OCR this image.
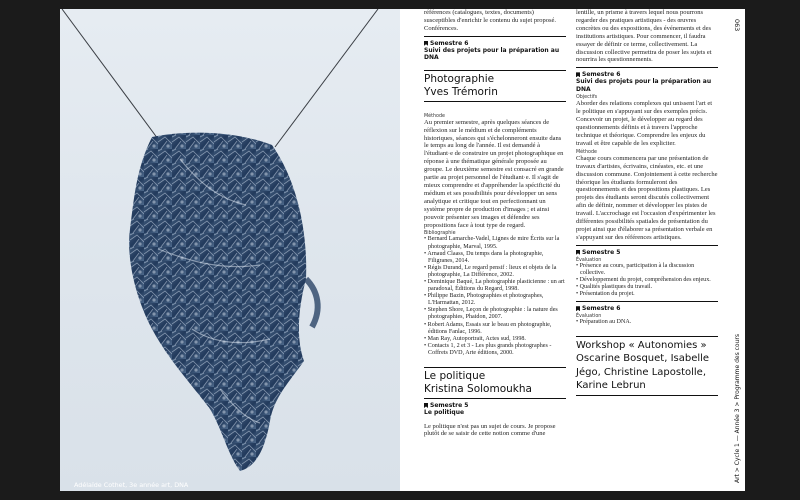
Adélaïde Cothet, 3e année art, DNA

références (catalogues, textes, documents) susceptibles d'enrichir le contenu du sujet proposé. Conférences.

Semestre 6
Suivi des projets pour la préparation au DNA
Photographie
Yves Trémorin
Méthode

Au premier semestre, après quelques séances de réflexion sur le médium et de compléments historiques, séances qui s'échelonneront ensuite dans le temps au long de l'année. Il est demandé à l'étudiant·e de construire un projet photographique en réponse à une thématique générale proposée au groupe. Le deuxième semestre est consacré en grande partie au projet personnel de l'étudiant·e. Il s'agit de mieux comprendre et d'appréhender la spécificité du médium et ses possibilités pour développer un sens analytique et critique tout en perfectionnant un système propre de production d'images ; et ainsi pouvoir présenter ses images et défendre ses propositions face à tout type de regard.

Bibliographie
• Bernard Lamarche-Vadel, Lignes de mire Écrits sur la photographie, Marval, 1995.
• Arnaud Claass, Du temps dans la photographie, Filigranes, 2014.
• Régis Durand, Le regard pensif : lieux et objets de la photographie, La Différence, 2002.
• Dominique Baqué, La photographie plasticienne : un art paradoxal, Éditions du Regard, 1998.
• Philippe Bazin, Photographies et photographes, L'Harmattan, 2012.
• Stephen Shore, Leçon de photographie : la nature des photographies, Phaidon, 2007.
• Robert Adams, Essais sur le beau en photographie, éditions Fanlac, 1996.
• Man Ray, Autoportrait, Actes sud, 1998.
• Contacts 1, 2 et 3 - Les plus grands photographes - Coffrets DVD, Arte éditions, 2000.
Le politique
Kristina Solomoukha
Semestre 5
Le politique

Le politique n'est pas un sujet de cours. Je propose plutôt de se saisir de cette notion comme d'une

lentille, un prisme à travers lequel nous pourrons regarder des pratiques artistiques - des œuvres concrètes ou des expositions, des événements et des institutions artistiques. Pour commencer, il faudra essayer de définir ce terme, collectivement. La discussion collective permettra de poser les sujets et nourrira les questionnements.

Semestre 6
Suivi des projets pour la préparation au DNA
Objectifs

Aborder des relations complexes qui unissent l'art et le politique en s'appuyant sur des exemples précis. Concevoir un projet, le développer au regard des questionnements définis et à travers l'approche technique et théorique. Comprendre les enjeux du travail et être capable de les expliciter.

Méthode

Chaque cours commencera par une présentation de travaux d'artistes, écrivains, cinéastes, etc. et une discussion commune. Conjointement à cette recherche théorique les étudiants formuleront des questionnements et des propositions plastiques. Les projets des étudiants seront discutés collectivement afin de définir, nommer et développer les pistes de travail. L'accrochage est l'occasion d'expérimenter les différentes possibilités spatiales de présentation du projet ainsi que d'élaborer sa présentation verbale en s'appuyant sur des références artistiques.

Semestre 5
Évaluation
• Présence au cours, participation à la discussion collective.
• Développement du projet, compréhension des enjeux.
• Qualités plastiques du travail.
• Présentation du projet.
Semestre 6
Évaluation
• Préparation au DNA.
Workshop « Autonomies »
Oscarine Bosquet, Isabelle Jégo, Christine Lapostolle, Karine Lebrun
063
Art > Cycle 1 — Année 3 > Programme des cours
